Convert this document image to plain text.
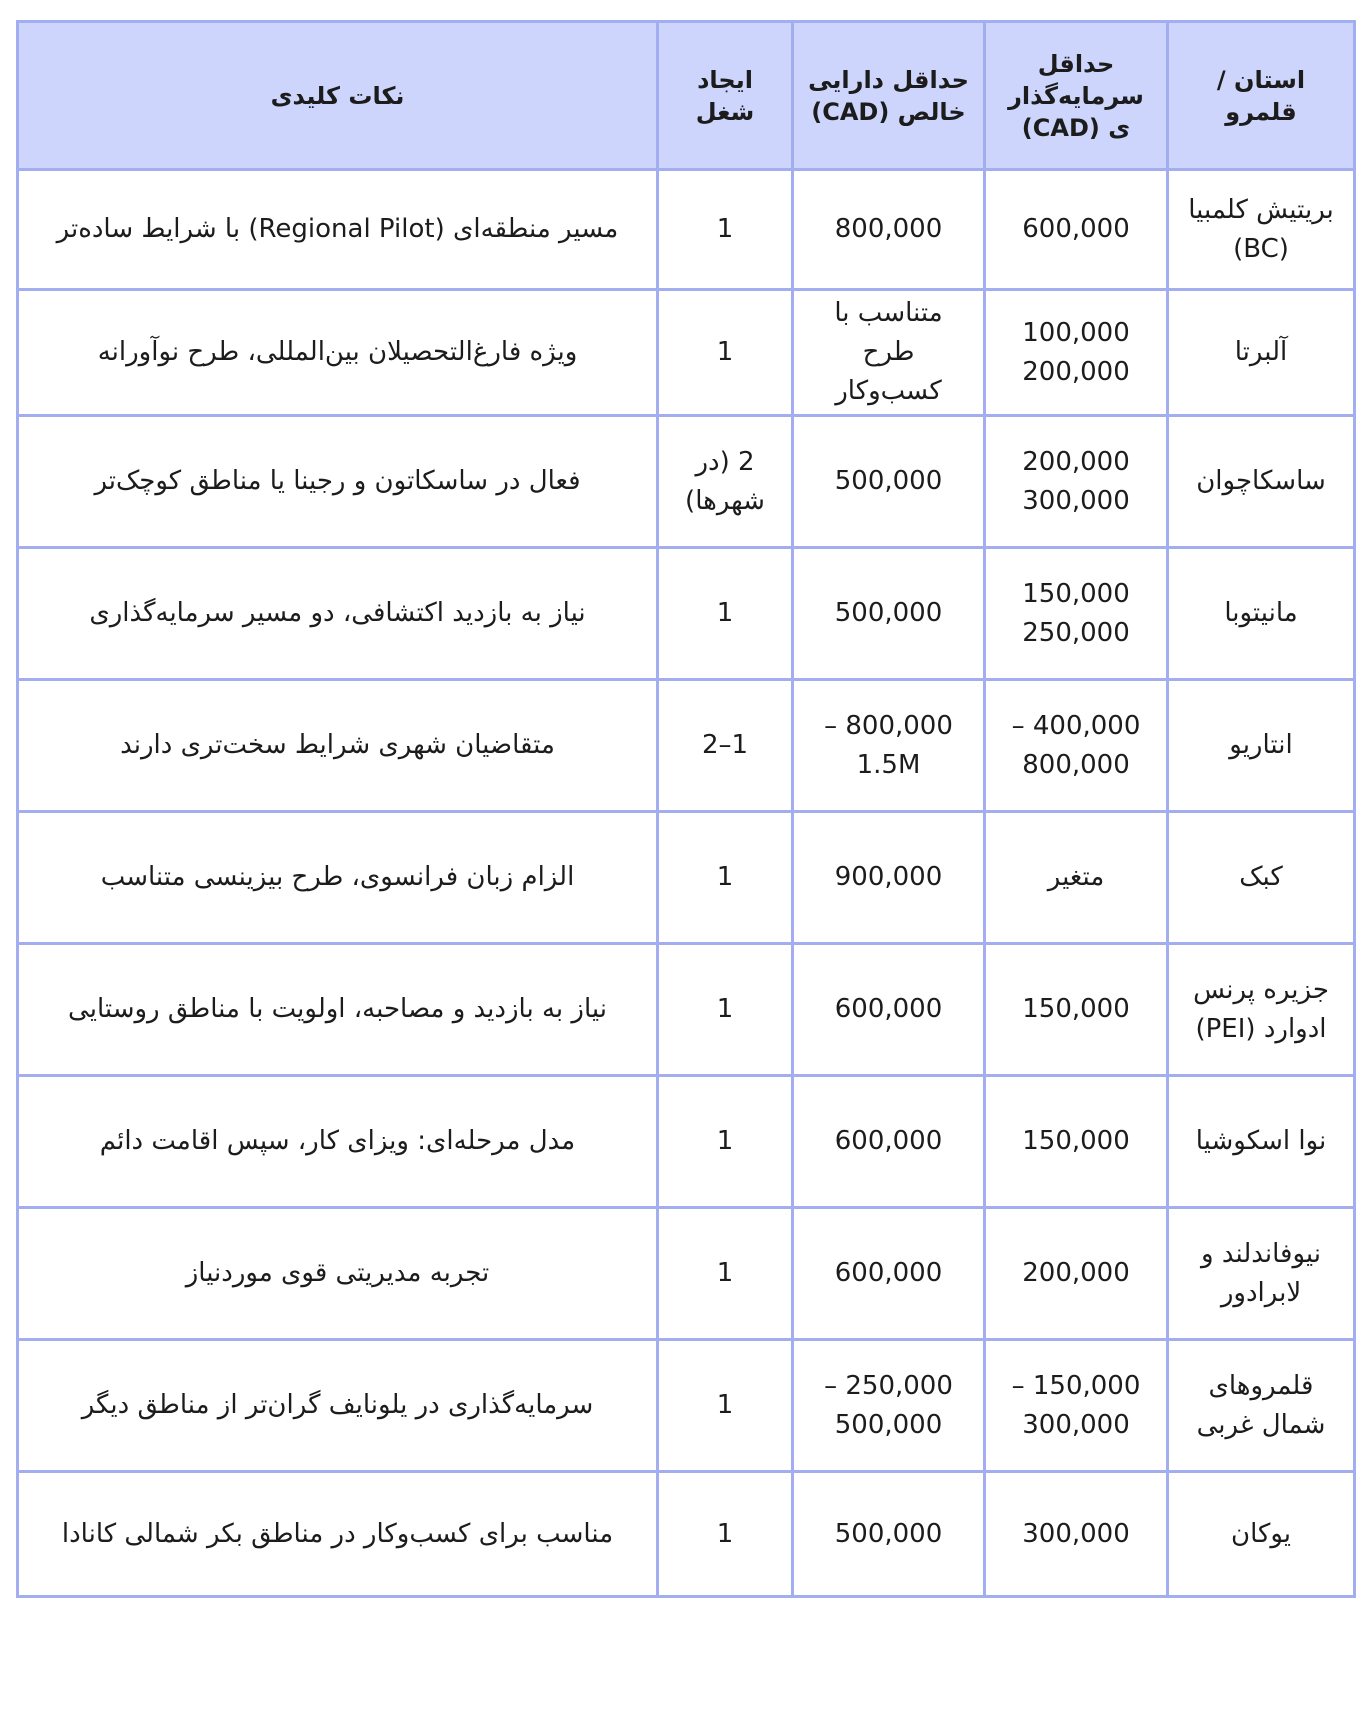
استان / قلمرو	حداقل سرمایه‌گذاری (CAD)	حداقل دارایی خالص (CAD)	ایجاد شغل	نکات کلیدی
بریتیش کلمبیا (BC)	600,000	800,000	1	مسیر منطقه‌ای (Regional Pilot) با شرایط ساده‌تر
آلبرتا	100,000 200,000	متناسب با طرح کسب‌وکار	1	ویژه فارغ‌التحصیلان بین‌المللی، طرح نوآورانه
ساسکاچوان	200,000 300,000	500,000	2 (در شهرها)	فعال در ساسکاتون و رجینا یا مناطق کوچک‌تر
مانیتوبا	150,000 250,000	500,000	1	نیاز به بازدید اکتشافی، دو مسیر سرمایه‌گذاری
انتاریو	400,000 – 800,000	800,000 – 1.5M	1–2	متقاضیان شهری شرایط سخت‌تری دارند
کبک	متغیر	900,000	1	الزام زبان فرانسوی، طرح بیزینسی متناسب
جزیره پرنس ادوارد (PEI)	150,000	600,000	1	نیاز به بازدید و مصاحبه، اولویت با مناطق روستایی
نوا اسکوشیا	150,000	600,000	1	مدل مرحله‌ای: ویزای کار، سپس اقامت دائم
نیوفاندلند و لابرادور	200,000	600,000	1	تجربه مدیریتی قوی موردنیاز
قلمروهای شمال غربی	150,000 – 300,000	250,000 – 500,000	1	سرمایه‌گذاری در یلونایف گران‌تر از مناطق دیگر
یوکان	300,000	500,000	1	مناسب برای کسب‌وکار در مناطق بکر شمالی کانادا
